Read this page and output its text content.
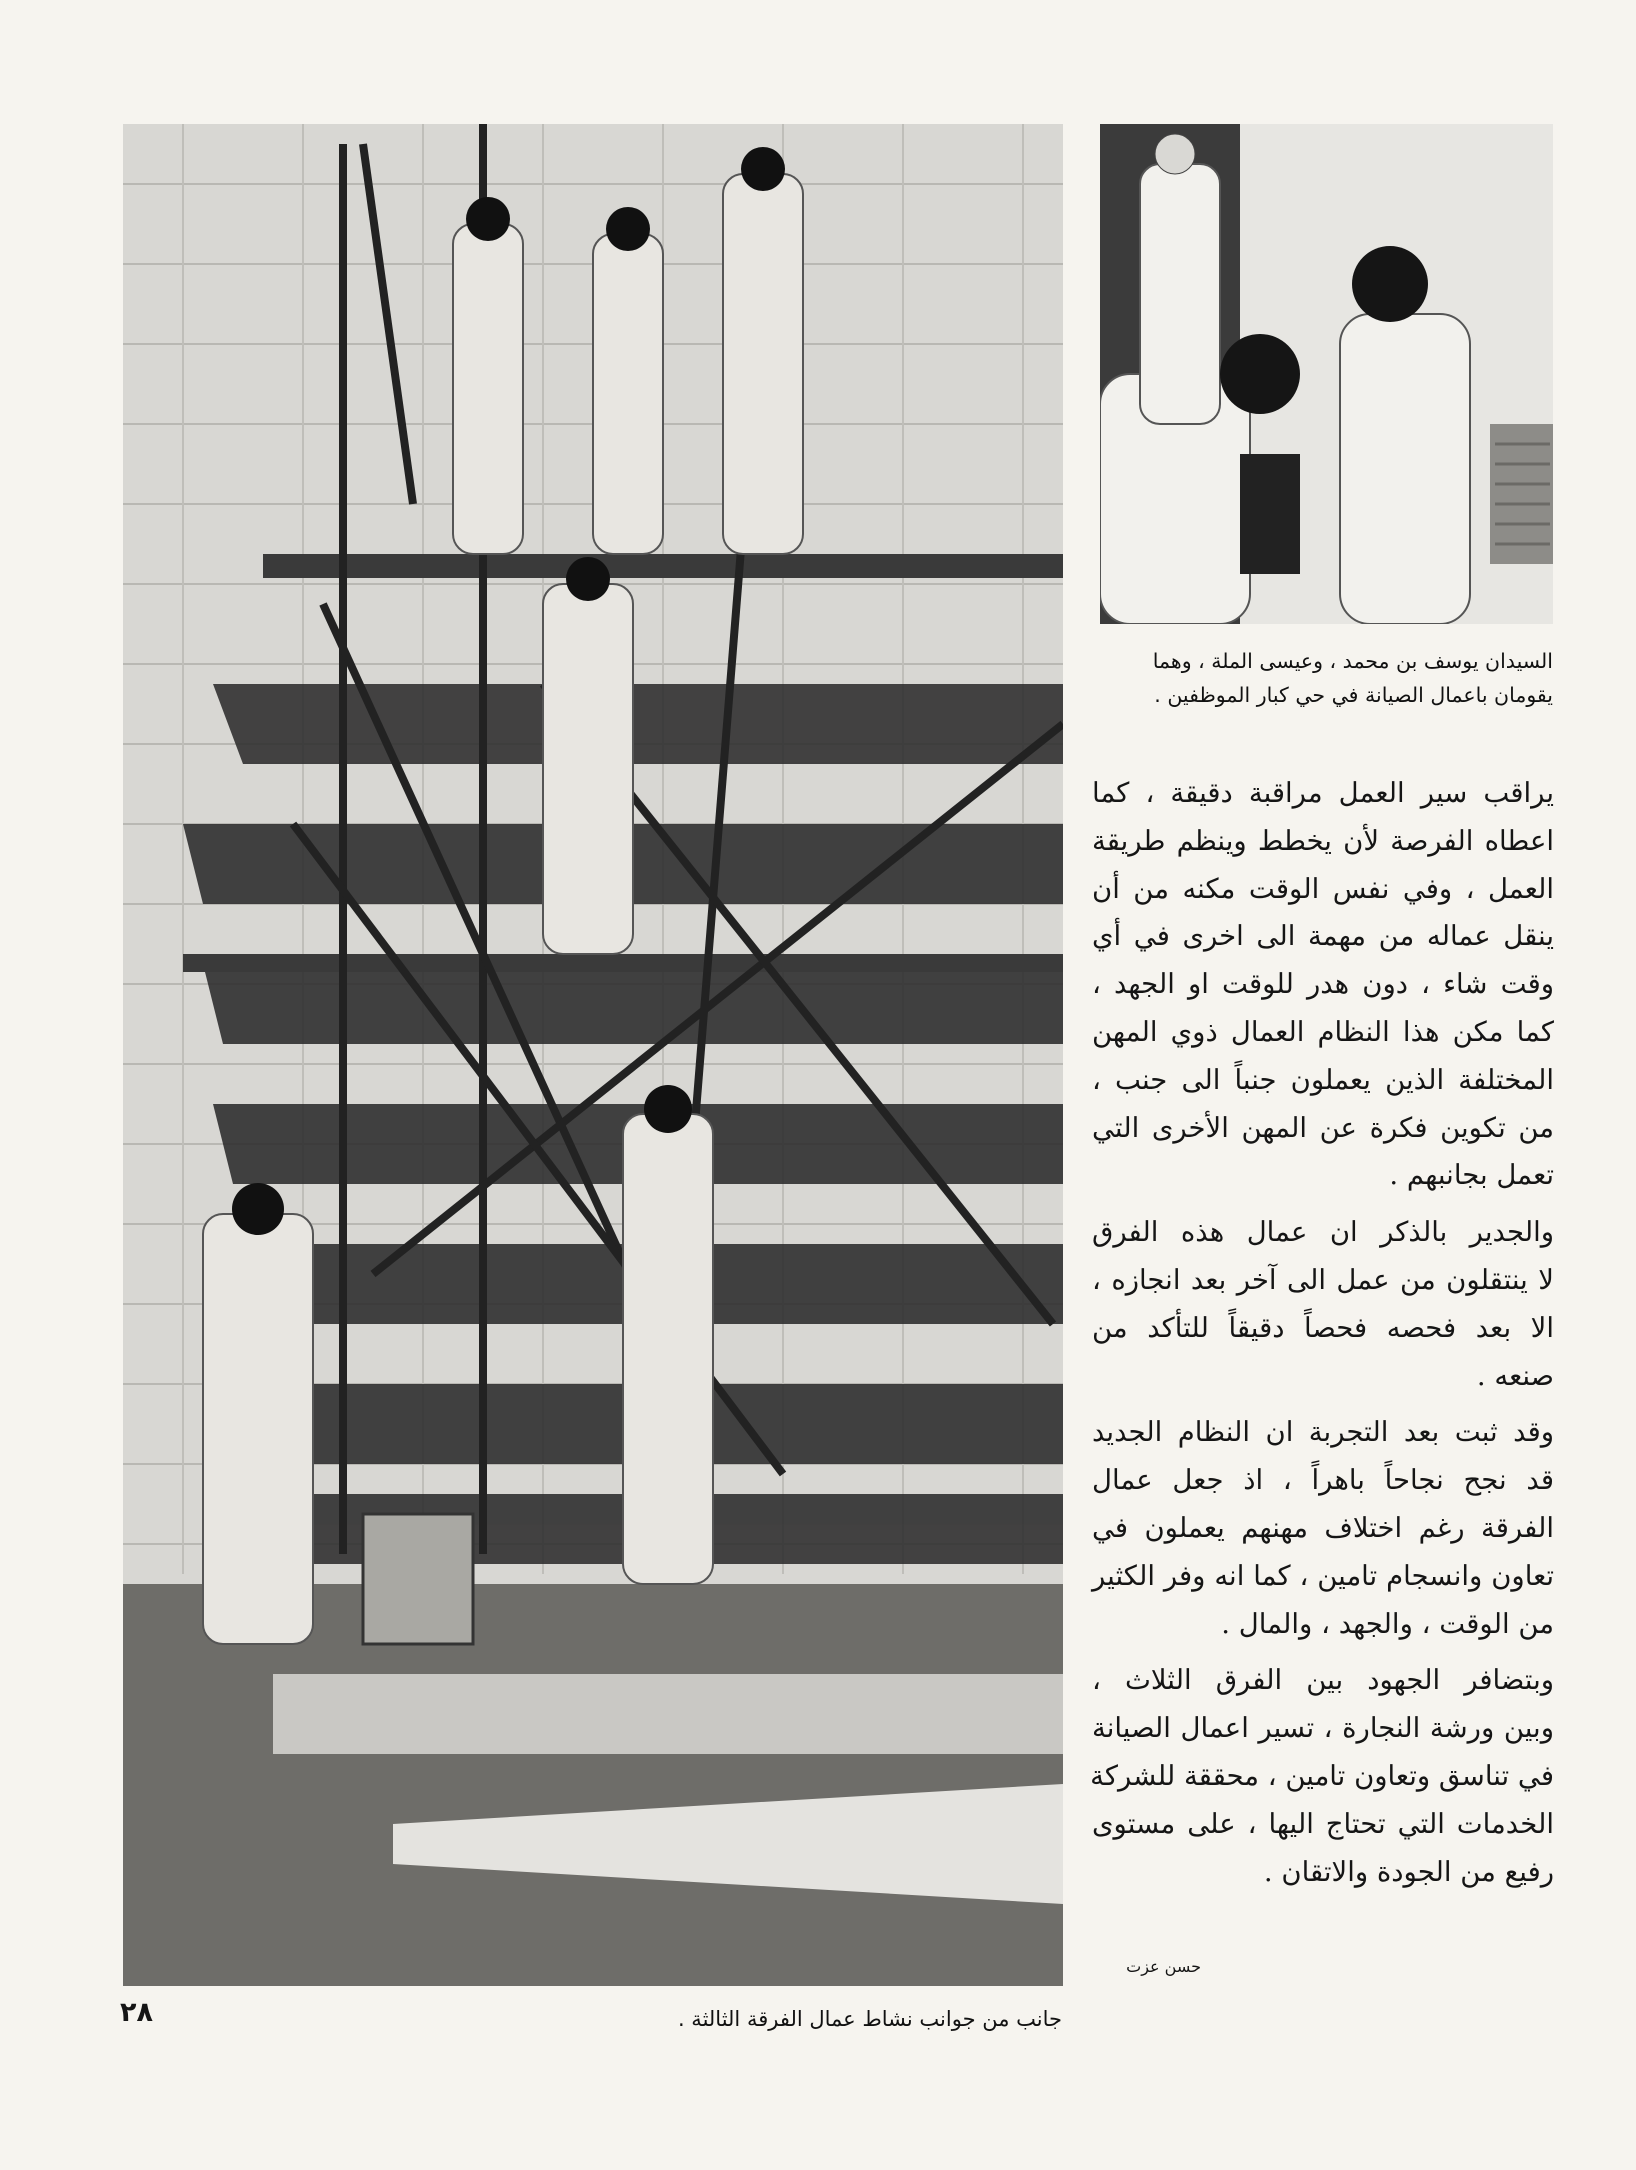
السيدان يوسف بن محمد ، وعيسى الملة ، وهما
يقومان باعمال الصيانة في حي كبار الموظفين .

يراقب سير العمل مراقبة دقيقة ، كما
اعطاه الفرصة لأن يخطط وينظم طريقة
العمل ، وفي نفس الوقت مكنه من أن
ينقل عماله من مهمة الى اخرى في أي
وقت شاء ، دون هدر للوقت او الجهد ،
كما مكن هذا النظام العمال ذوي المهن
المختلفة الذين يعملون جنباً الى جنب ،
من تكوين فكرة عن المهن الأخرى التي
تعمل بجانبهم .

والجدير بالذكر ان عمال هذه الفرق
لا ينتقلون من عمل الى آخر بعد انجازه ،
الا بعد فحصه فحصاً دقيقاً للتأكد من
صنعه .

وقد ثبت بعد التجربة ان النظام الجديد
قد نجح نجاحاً باهراً ، اذ جعل عمال
الفرقة رغم اختلاف مهنهم يعملون في
تعاون وانسجام تامين ، كما انه وفر الكثير
من الوقت ، والجهد ، والمال .

وبتضافر الجهود بين الفرق الثلاث ،
وبين ورشة النجارة ، تسير اعمال الصيانة
في تناسق وتعاون تامين ، محققة للشركة
الخدمات التي تحتاج اليها ، على مستوى
رفيع من الجودة والاتقان .

حسن عزت
جانب من جوانب نشاط عمال الفرقة الثالثة .
٢٨
